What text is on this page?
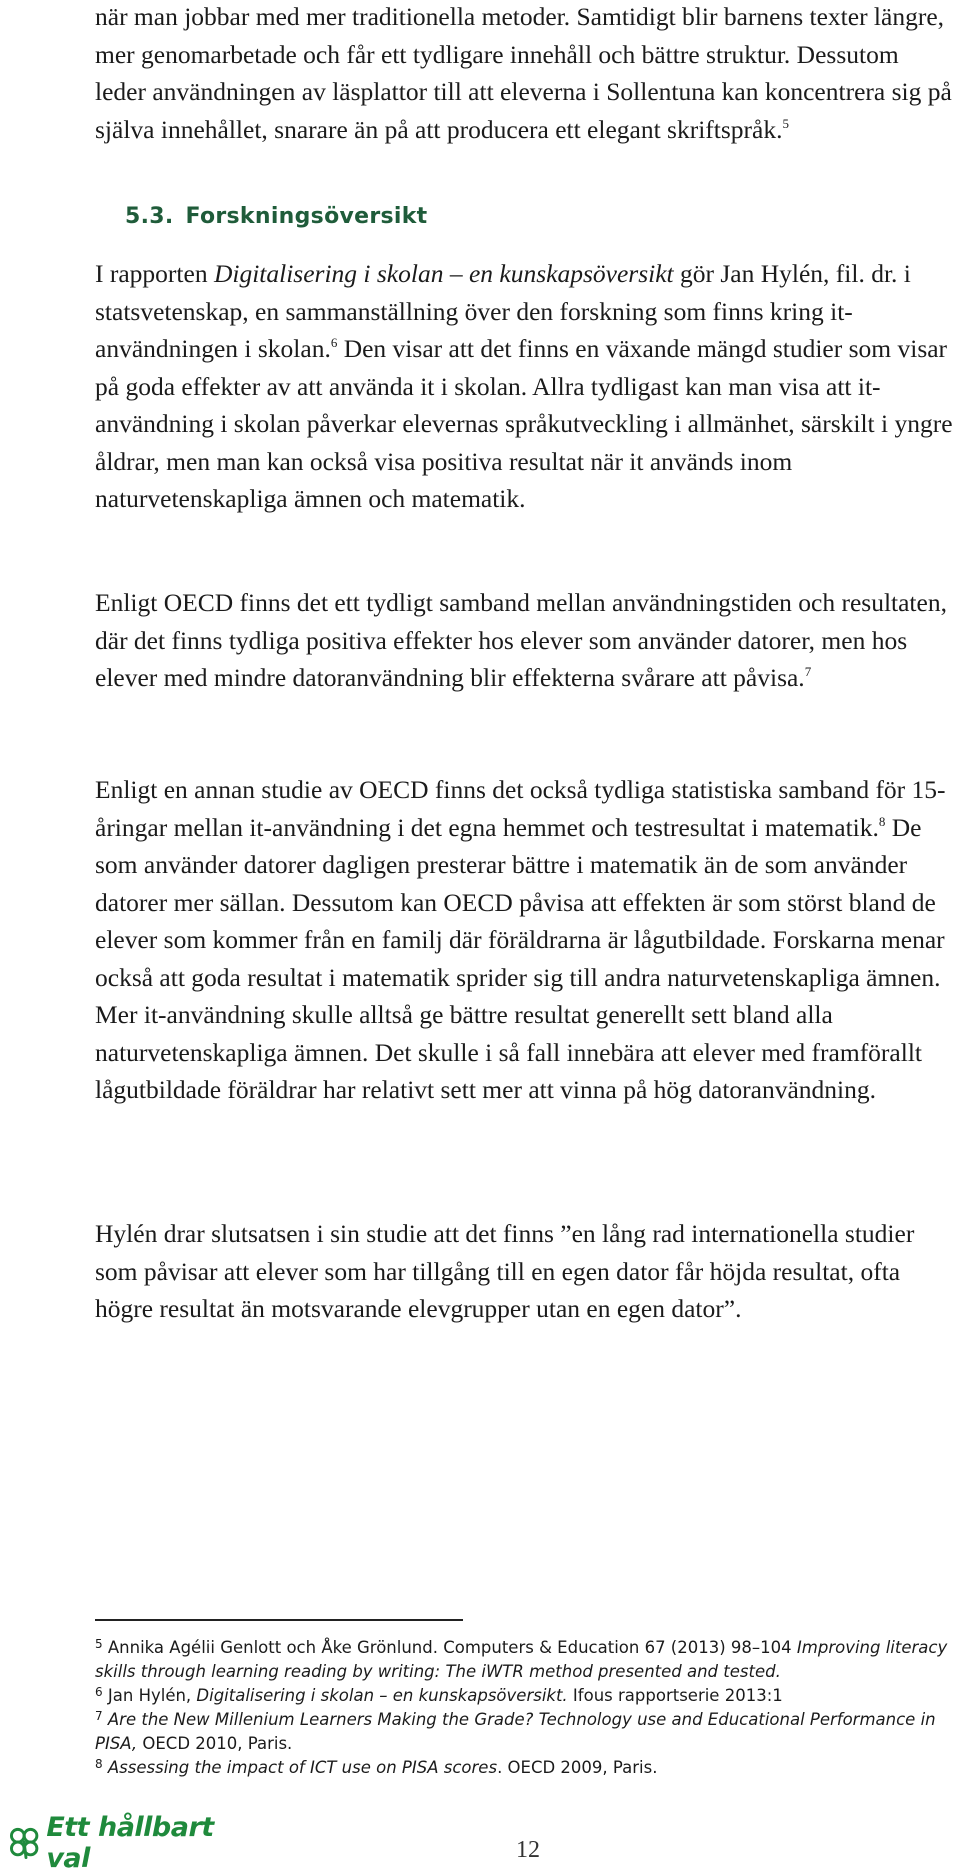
när man jobbar med mer traditionella metoder. Samtidigt blir barnens texter längre, mer genomarbetade och får ett tydligare innehåll och bättre struktur. Dessutom leder användningen av läsplattor till att eleverna i Sollentuna kan koncentrera sig på själva innehållet, snarare än på att producera ett elegant skriftspråk.$^5$

5.3. Forskningsöversikt

I rapporten Digitalisering i skolan – en kunskapsöversikt gör Jan Hylén, fil. dr. i statsvetenskap, en sammanställning över den forskning som finns kring it-användningen i skolan.$^6$ Den visar att det finns en växande mängd studier som visar på goda effekter av att använda it i skolan. Allra tydligast kan man visa att it-användning i skolan påverkar elevernas språkutveckling i allmänhet, särskilt i yngre åldrar, men man kan också visa positiva resultat när it används inom naturvetenskapliga ämnen och matematik.

Enligt OECD finns det ett tydligt samband mellan användningstiden och resultaten, där det finns tydliga positiva effekter hos elever som använder datorer, men hos elever med mindre datoranvändning blir effekterna svårare att påvisa.$^7$

Enligt en annan studie av OECD finns det också tydliga statistiska samband för 15-åringar mellan it-användning i det egna hemmet och testresultat i matematik.$^8$ De som använder datorer dagligen presterar bättre i matematik än de som använder datorer mer sällan. Dessutom kan OECD påvisa att effekten är som störst bland de elever som kommer från en familj där föräldrarna är lågutbildade. Forskarna menar också att goda resultat i matematik sprider sig till andra naturvetenskapliga ämnen. Mer it-användning skulle alltså ge bättre resultat generellt sett bland alla naturvetenskapliga ämnen. Det skulle i så fall innebära att elever med framförallt lågutbildade föräldrar har relativt sett mer att vinna på hög datoranvändning.

Hylén drar slutsatsen i sin studie att det finns ”en lång rad internationella studier som påvisar att elever som har tillgång till en egen dator får höjda resultat, ofta högre resultat än motsvarande elevgrupper utan en egen dator”.

$^5$ Annika Agélii Genlott och Åke Grönlund. Computers & Education 67 (2013) 98–104 Improving literacy skills through learning reading by writing: The iWTR method presented and tested.

$^6$ Jan Hylén, Digitalisering i skolan – en kunskapsöversikt. Ifous rapportserie 2013:1

$^7$ Are the New Millenium Learners Making the Grade? Technology use and Educational Performance in PISA, OECD 2010, Paris.

$^8$ Assessing the impact of ICT use on PISA scores. OECD 2009, Paris.

Ett hållbart val	12
